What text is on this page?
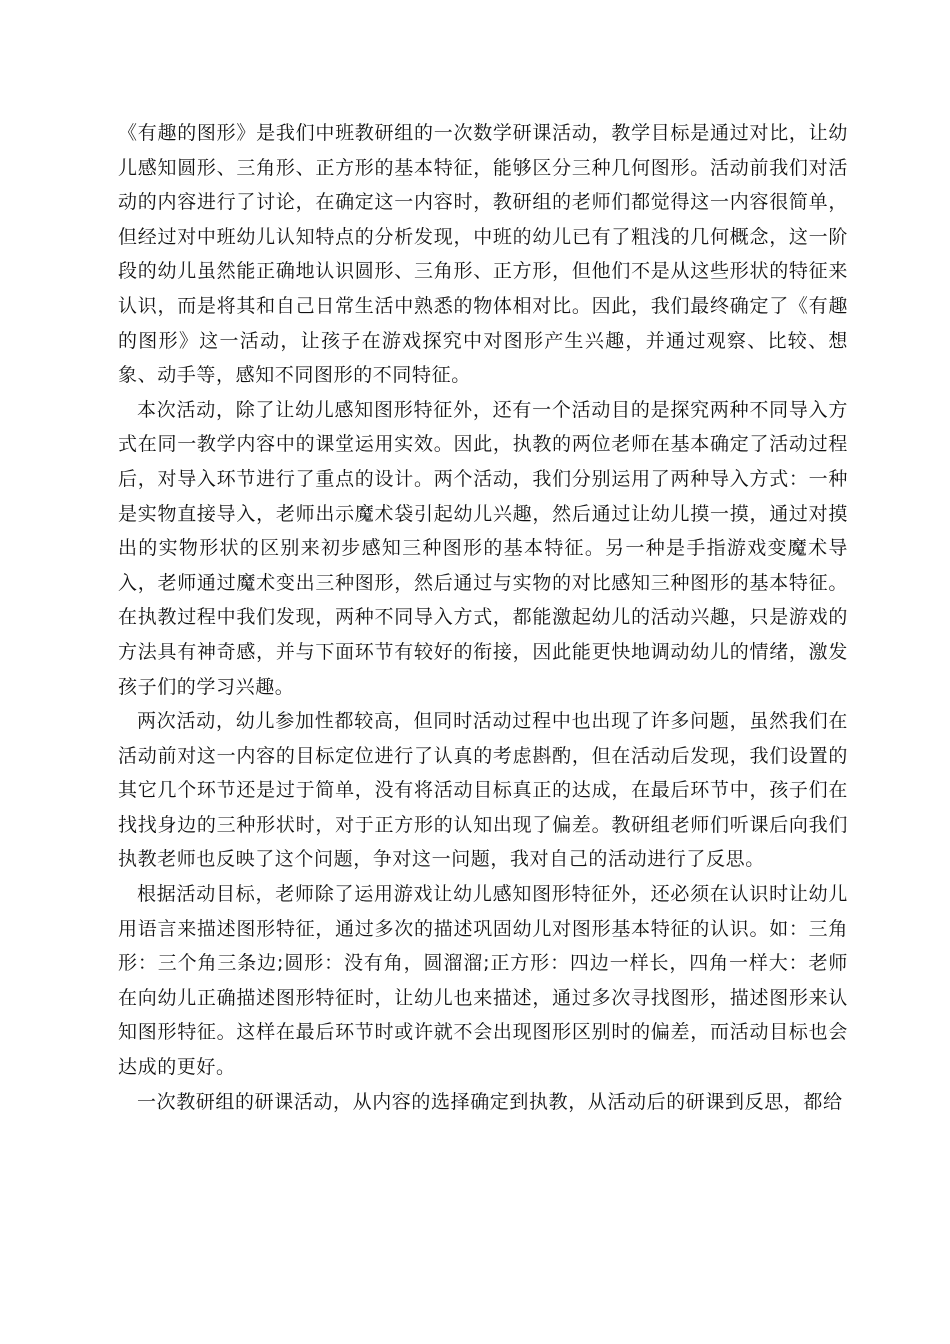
《有趣的图形》是我们中班教研组的一次数学研课活动，教学目标是通过对比，让幼儿感知圆形、三角形、正方形的基本特征，能够区分三种几何图形。活动前我们对活动的内容进行了讨论，在确定这一内容时，教研组的老师们都觉得这一内容很简单，但经过对中班幼儿认知特点的分析发现，中班的幼儿已有了粗浅的几何概念，这一阶段的幼儿虽然能正确地认识圆形、三角形、正方形，但他们不是从这些形状的特征来认识，而是将其和自己日常生活中熟悉的物体相对比。因此，我们最终确定了《有趣的图形》这一活动，让孩子在游戏探究中对图形产生兴趣，并通过观察、比较、想象、动手等，感知不同图形的不同特征。

本次活动，除了让幼儿感知图形特征外，还有一个活动目的是探究两种不同导入方式在同一教学内容中的课堂运用实效。因此，执教的两位老师在基本确定了活动过程后，对导入环节进行了重点的设计。两个活动，我们分别运用了两种导入方式：一种是实物直接导入，老师出示魔术袋引起幼儿兴趣，然后通过让幼儿摸一摸，通过对摸出的实物形状的区别来初步感知三种图形的基本特征。另一种是手指游戏变魔术导入，老师通过魔术变出三种图形，然后通过与实物的对比感知三种图形的基本特征。在执教过程中我们发现，两种不同导入方式，都能激起幼儿的活动兴趣，只是游戏的方法具有神奇感，并与下面环节有较好的衔接，因此能更快地调动幼儿的情绪，激发孩子们的学习兴趣。

两次活动，幼儿参加性都较高，但同时活动过程中也出现了许多问题，虽然我们在活动前对这一内容的目标定位进行了认真的考虑斟酌，但在活动后发现，我们设置的其它几个环节还是过于简单，没有将活动目标真正的达成，在最后环节中，孩子们在找找身边的三种形状时，对于正方形的认知出现了偏差。教研组老师们听课后向我们执教老师也反映了这个问题，争对这一问题，我对自己的活动进行了反思。

根据活动目标，老师除了运用游戏让幼儿感知图形特征外，还必须在认识时让幼儿用语言来描述图形特征，通过多次的描述巩固幼儿对图形基本特征的认识。如：三角形：三个角三条边;圆形：没有角，圆溜溜;正方形：四边一样长，四角一样大：老师在向幼儿正确描述图形特征时，让幼儿也来描述，通过多次寻找图形，描述图形来认知图形特征。这样在最后环节时或许就不会出现图形区别时的偏差，而活动目标也会达成的更好。

一次教研组的研课活动，从内容的选择确定到执教，从活动后的研课到反思，都给
